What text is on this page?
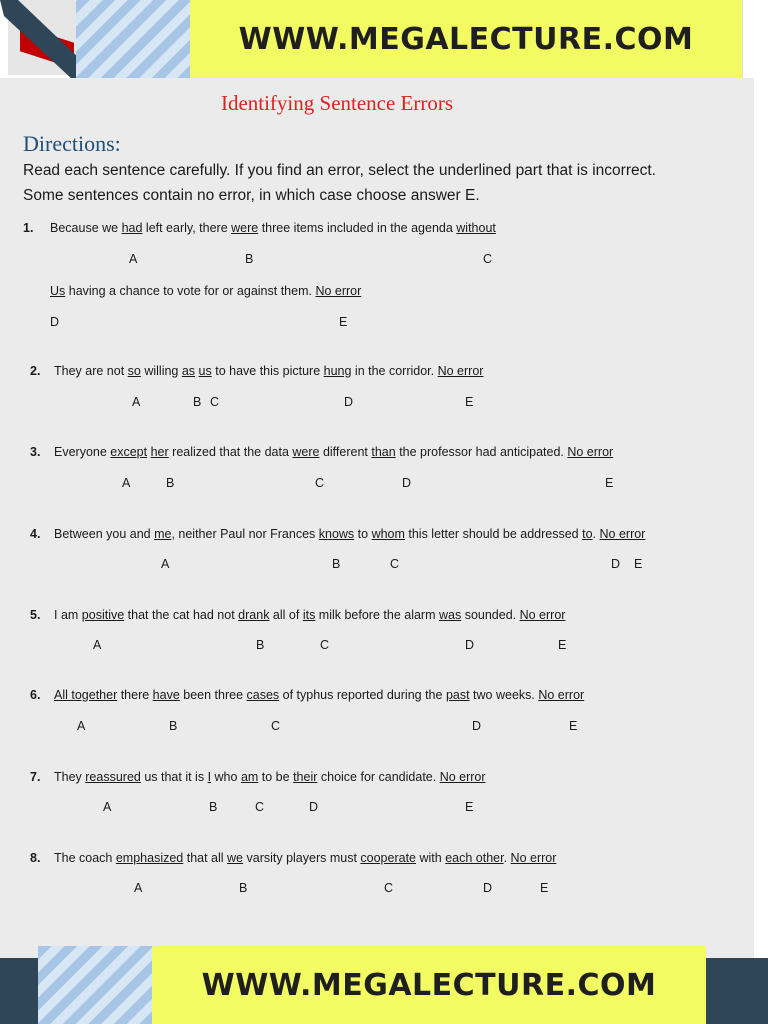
WWW.MEGALECTURE.COM
Identifying Sentence Errors
Directions:
Read each sentence carefully. If you find an error, select the underlined part that is incorrect.
Some sentences contain no error, in which case choose answer E.
1. Because we had left early, there were three items included in the agenda without
A	B	C
Us having a chance to vote for or against them. No error
D	E
2. They are not so willing as us to have this picture hung in the corridor. No error
A	B C	D	E
3. Everyone except her realized that the data were different than the professor had anticipated. No error
A	B	C	D	E
4. Between you and me, neither Paul nor Frances knows to whom this letter should be addressed to. No error
A	B	C	D E
5. I am positive that the cat had not drank all of its milk before the alarm was sounded. No error
A	B	C	D	E
6. All together there have been three cases of typhus reported during the past two weeks. No error
A	B	C	D	E
7. They reassured us that it is I who am to be their choice for candidate. No error
A	B	C	D	E
8. The coach emphasized that all we varsity players must cooperate with each other. No error
A	B	C	D	E
WWW.MEGALECTURE.COM
